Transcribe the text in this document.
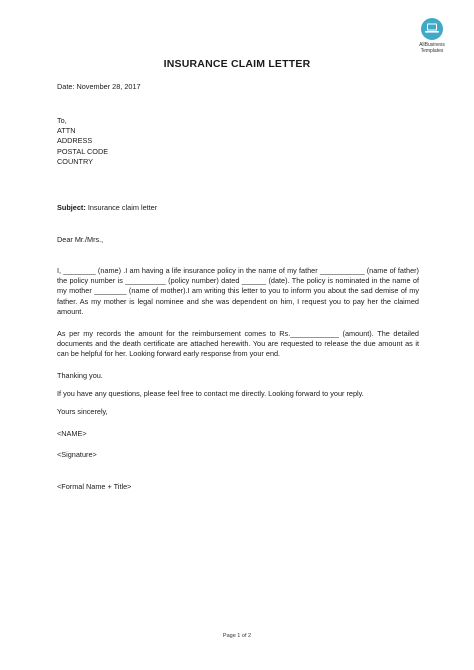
AllBusiness
Templates
INSURANCE CLAIM LETTER
Date: November 28, 2017
To,
ATTN
ADDRESS
POSTAL CODE
COUNTRY
Subject: Insurance claim letter
Dear Mr./Mrs.,
I, ________ (name) .I am having a life insurance policy in the name of my father ___________ (name of father) the policy number is __________ (policy number) dated ______ (date). The policy is nominated in the name of my mother ________ (name of mother).I am writing this letter to you to inform you about the sad demise of my father. As my mother is legal nominee and she was dependent on him, I request you to pay her the claimed amount.
As per my records the amount for the reimbursement comes to Rs.____________ (amount). The detailed documents and the death certificate are attached herewith. You are requested to release the due amount as it can be helpful for her. Looking forward early response from your end.
Thanking you.
If you have any questions, please feel free to contact me directly. Looking forward to your reply.
Yours sincerely,
<NAME>
<Signature>
<Formal Name + Title>
Page 1 of 2
